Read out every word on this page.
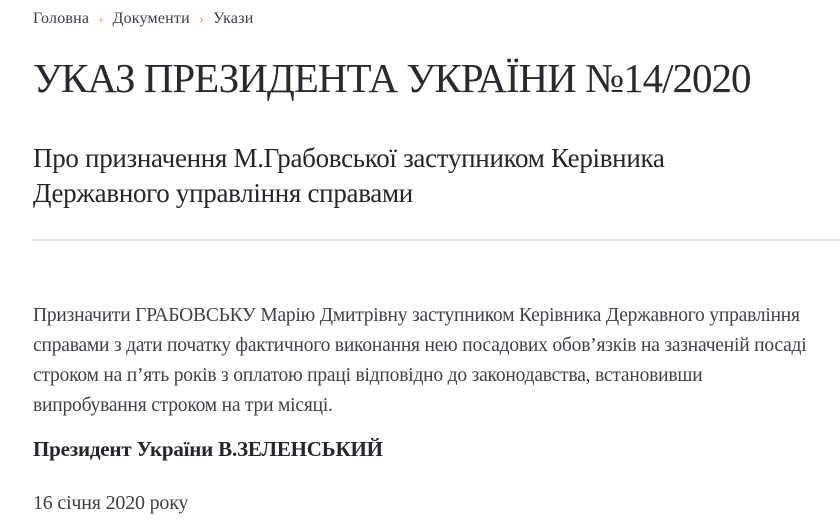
Головна › Документи › Укази
УКАЗ ПРЕЗИДЕНТА УКРАЇНИ №14/2020
Про призначення М.Грабовської заступником Керівника Державного управління справами

Призначити ГРАБОВСЬКУ Марію Дмитрівну заступником Керівника Державного управління справами з дати початку фактичного виконання нею посадових обов’язків на зазначеній посаді строком на п’ять років з оплатою праці відповідно до законодавства, встановивши випробування строком на три місяці.

Президент України В.ЗЕЛЕНСЬКИЙ

16 січня 2020 року
